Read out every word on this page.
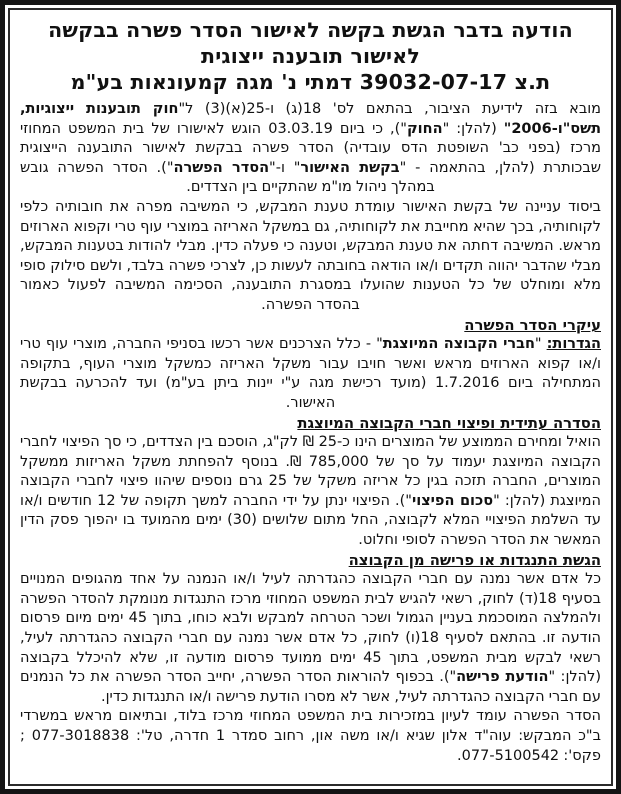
הודעה בדבר הגשת בקשה לאישור הסדר פשרה בבקשה
לאישור תובענה ייצוגית
ת.צ 39032-07-17 דמתי נ' מגה קמעונאות בע"מ

מובא בזה לידיעת הציבור, בהתאם לס' 18(ג) ו-25(א)(3) ל"חוק תובענות ייצוגיות, תשס"ו-2006" (להלן: "החוק"), כי ביום 03.03.19 הוגש לאישורו של בית המשפט המחוזי מרכז (בפני כב' השופטת הדס עובדיה) הסדר פשרה בבקשת לאישור התובענה הייצוגית שבכותרת (להלן, בהתאמה - "בקשת האישור" ו-"הסדר הפשרה"). הסדר הפשרה גובש במהלך ניהול מו"מ שהתקיים בין הצדדים.

ביסוד עניינה של בקשת האישור עומדת טענת המבקש, כי המשיבה מפרה את חובותיה כלפי לקוחותיה, בכך שהיא מחייבת את לקוחותיה, גם במשקל האריזה במוצרי עוף טרי וקפוא הארוזים מראש. המשיבה דחתה את טענת המבקש, וטענה כי פעלה כדין. מבלי להודות בטענות המבקש, מבלי שהדבר יהווה תקדים ו/או הודאה בחובתה לעשות כן, לצרכי פשרה בלבד, ולשם סילוק סופי מלא ומוחלט של כל הטענות שהועלו במסגרת התובענה, הסכימה המשיבה לפעול כאמור בהסדר הפשרה.

עיקרי הסדר הפשרה

הגדרות: "חברי הקבוצה המיוצגת" - כלל הצרכנים אשר רכשו בסניפי החברה, מוצרי עוף טרי ו/או קפוא הארוזים מראש ואשר חויבו עבור משקל האריזה כמשקל מוצרי העוף, בתקופה המתחילה ביום 1.7.2016 (מועד רכישת מגה ע"י יינות ביתן בע"מ) ועד להכרעה בבקשת האישור.

הסדרה עתידית ופיצוי חברי הקבוצה המיוצגת

הואיל ומחירם הממוצע של המוצרים הינו כ-25 ₪ לק"ג, הוסכם בין הצדדים, כי סך הפיצוי לחברי הקבוצה המיוצגת יעמוד על סך של 785,000 ₪. בנוסף להפחתת משקל האריזות ממשקל המוצרים, החברה תזכה בגין כל אריזה משקל של 25 גרם נוספים שיהוו פיצוי לחברי הקבוצה המיוצגת (להלן: "סכום הפיצוי"). הפיצוי ינתן על ידי החברה למשך תקופה של 12 חודשים ו/או עד השלמת הפיצויי המלא לקבוצה, החל מתום שלושים (30) ימים מהמועד בו יהפוך פסק הדין המאשר את הסדר הפשרה לסופי וחלוט.

הגשת התנגדות או פרישה מן הקבוצה

כל אדם אשר נמנה עם חברי הקבוצה כהגדרתה לעיל ו/או הנמנה על אחד מהגופים המנויים בסעיף 18(ד) לחוק, רשאי להגיש לבית המשפט המחוזי מרכז התנגדות מנומקת להסדר הפשרה ולהמלצה המוסכמת בעניין הגמול ושכר הטרחה למבקש ולבא כוחו, בתוך 45 ימים מיום פרסום הודעה זו. בהתאם לסעיף 18(ו) לחוק, כל אדם אשר נמנה עם חברי הקבוצה כהגדרתה לעיל, רשאי לבקש מבית המשפט, בתוך 45 ימים ממועד פרסום מודעה זו, שלא להיכלל בקבוצה (להלן: "הודעת פרישה"). בכפוף להוראות הסדר הפשרה, יחייב הסדר הפשרה את כל הנמנים עם חברי הקבוצה כהגדרתה לעיל, אשר לא מסרו הודעת פרישה ו/או התנגדות כדין.

הסדר הפשרה עומד לעיון במזכירות בית המשפט המחוזי מרכז בלוד, ובתיאום מראש במשרדי ב"כ המבקש: עוה"ד אלון שגיא ו/או משה און, רחוב סמדר 1 חדרה, טל': 077-3018838 ; פקס': 077-5100542.
